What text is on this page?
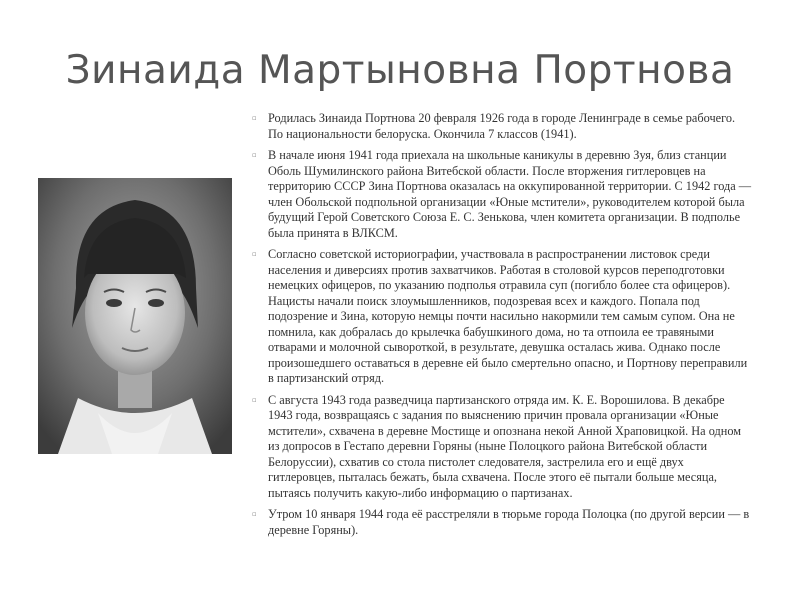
Зинаида Мартыновна Портнова
▫ Родилась Зинаида Портнова 20 февраля 1926 года в городе Ленинграде в семье рабочего. По национальности белоруска. Окончила 7 классов (1941).
▫ В начале июня 1941 года приехала на школьные каникулы в деревню Зуя, близ станции Оболь Шумилинского района Витебской области. После вторжения гитлеровцев на территорию СССР Зина Портнова оказалась на оккупированной территории. С 1942 года — член Обольской подпольной организации «Юные мстители», руководителем которой была будущий Герой Советского Союза Е. С. Зенькова, член комитета организации. В подполье была принята в ВЛКСМ.
▫ Согласно советской историографии, участвовала в распространении листовок среди населения и диверсиях против захватчиков. Работая в столовой курсов переподготовки немецких офицеров, по указанию подполья отравила суп (погибло более ста офицеров). Нацисты начали поиск злоумышленников, подозревая всех и каждого. Попала под подозрение и Зина, которую немцы почти насильно накормили тем самым супом. Она не помнила, как добралась до крылечка бабушкиного дома, но та отпоила ее травяными отварами и молочной сывороткой, в результате, девушка осталась жива. Однако после произошедшего оставаться в деревне ей было смертельно опасно, и Портнову переправили в партизанский отряд.
▫ С августа 1943 года разведчица партизанского отряда им. К. Е. Ворошилова. В декабре 1943 года, возвращаясь с задания по выяснению причин провала организации «Юные мстители», схвачена в деревне Мостище и опознана некой Анной Храповицкой. На одном из допросов в Гестапо деревни Горяны (ныне Полоцкого района Витебской области Белоруссии), схватив со стола пистолет следователя, застрелила его и ещё двух гитлеровцев, пыталась бежать, была схвачена. После этого её пытали больше месяца, пытаясь получить какую-либо информацию о партизанах.
▫ Утром 10 января 1944 года её расстреляли в тюрьме города Полоцка (по другой версии — в деревне Горяны).
